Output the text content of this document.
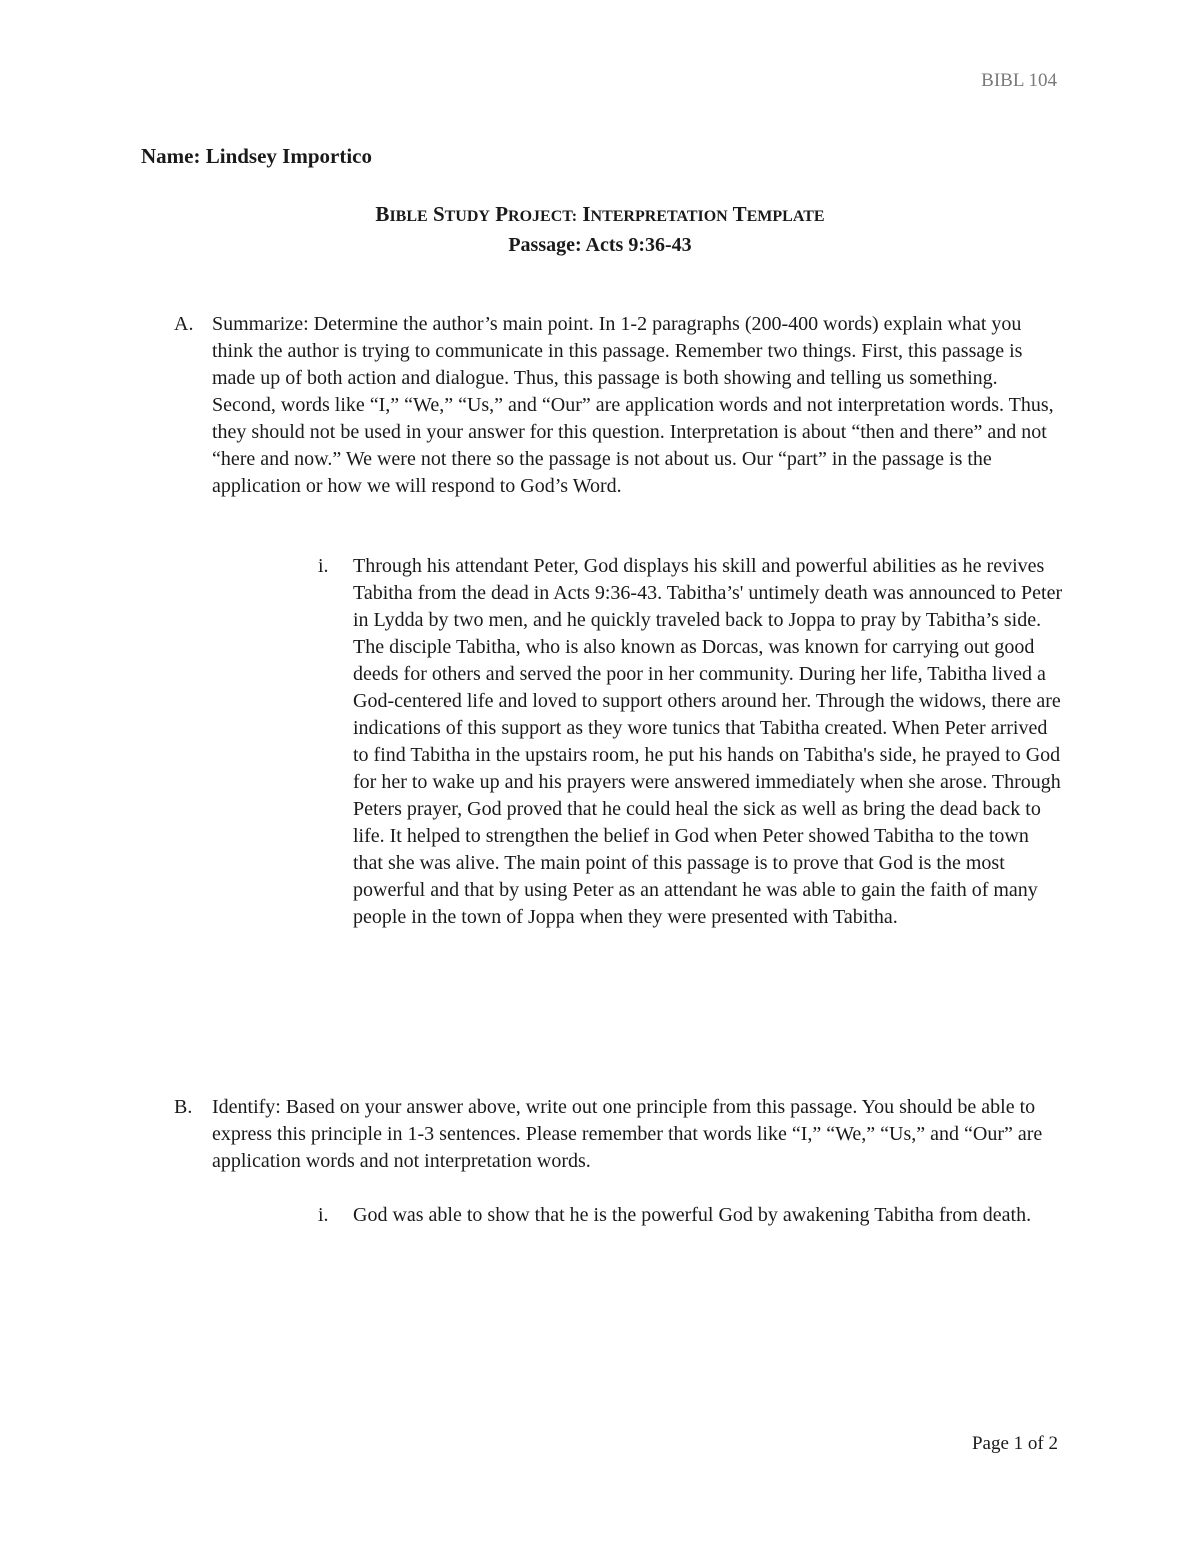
BIBL 104
Name: Lindsey Importico
BIBLE STUDY PROJECT: INTERPRETATION TEMPLATE
Passage: Acts 9:36-43
A. Summarize: Determine the author’s main point. In 1-2 paragraphs (200-400 words) explain what you think the author is trying to communicate in this passage. Remember two things. First, this passage is made up of both action and dialogue. Thus, this passage is both showing and telling us something. Second, words like “I,” “We,” “Us,” and “Our” are application words and not interpretation words. Thus, they should not be used in your answer for this question. Interpretation is about “then and there” and not “here and now.” We were not there so the passage is not about us. Our “part” in the passage is the application or how we will respond to God’s Word.
i. Through his attendant Peter, God displays his skill and powerful abilities as he revives Tabitha from the dead in Acts 9:36-43. Tabitha’s' untimely death was announced to Peter in Lydda by two men, and he quickly traveled back to Joppa to pray by Tabitha’s side. The disciple Tabitha, who is also known as Dorcas, was known for carrying out good deeds for others and served the poor in her community. During her life, Tabitha lived a God-centered life and loved to support others around her. Through the widows, there are indications of this support as they wore tunics that Tabitha created. When Peter arrived to find Tabitha in the upstairs room, he put his hands on Tabitha's side, he prayed to God for her to wake up and his prayers were answered immediately when she arose. Through Peters prayer, God proved that he could heal the sick as well as bring the dead back to life. It helped to strengthen the belief in God when Peter showed Tabitha to the town that she was alive. The main point of this passage is to prove that God is the most powerful and that by using Peter as an attendant he was able to gain the faith of many people in the town of Joppa when they were presented with Tabitha.
B. Identify: Based on your answer above, write out one principle from this passage. You should be able to express this principle in 1-3 sentences. Please remember that words like “I,” “We,” “Us,” and “Our” are application words and not interpretation words.
i. God was able to show that he is the powerful God by awakening Tabitha from death.
Page 1 of 2
